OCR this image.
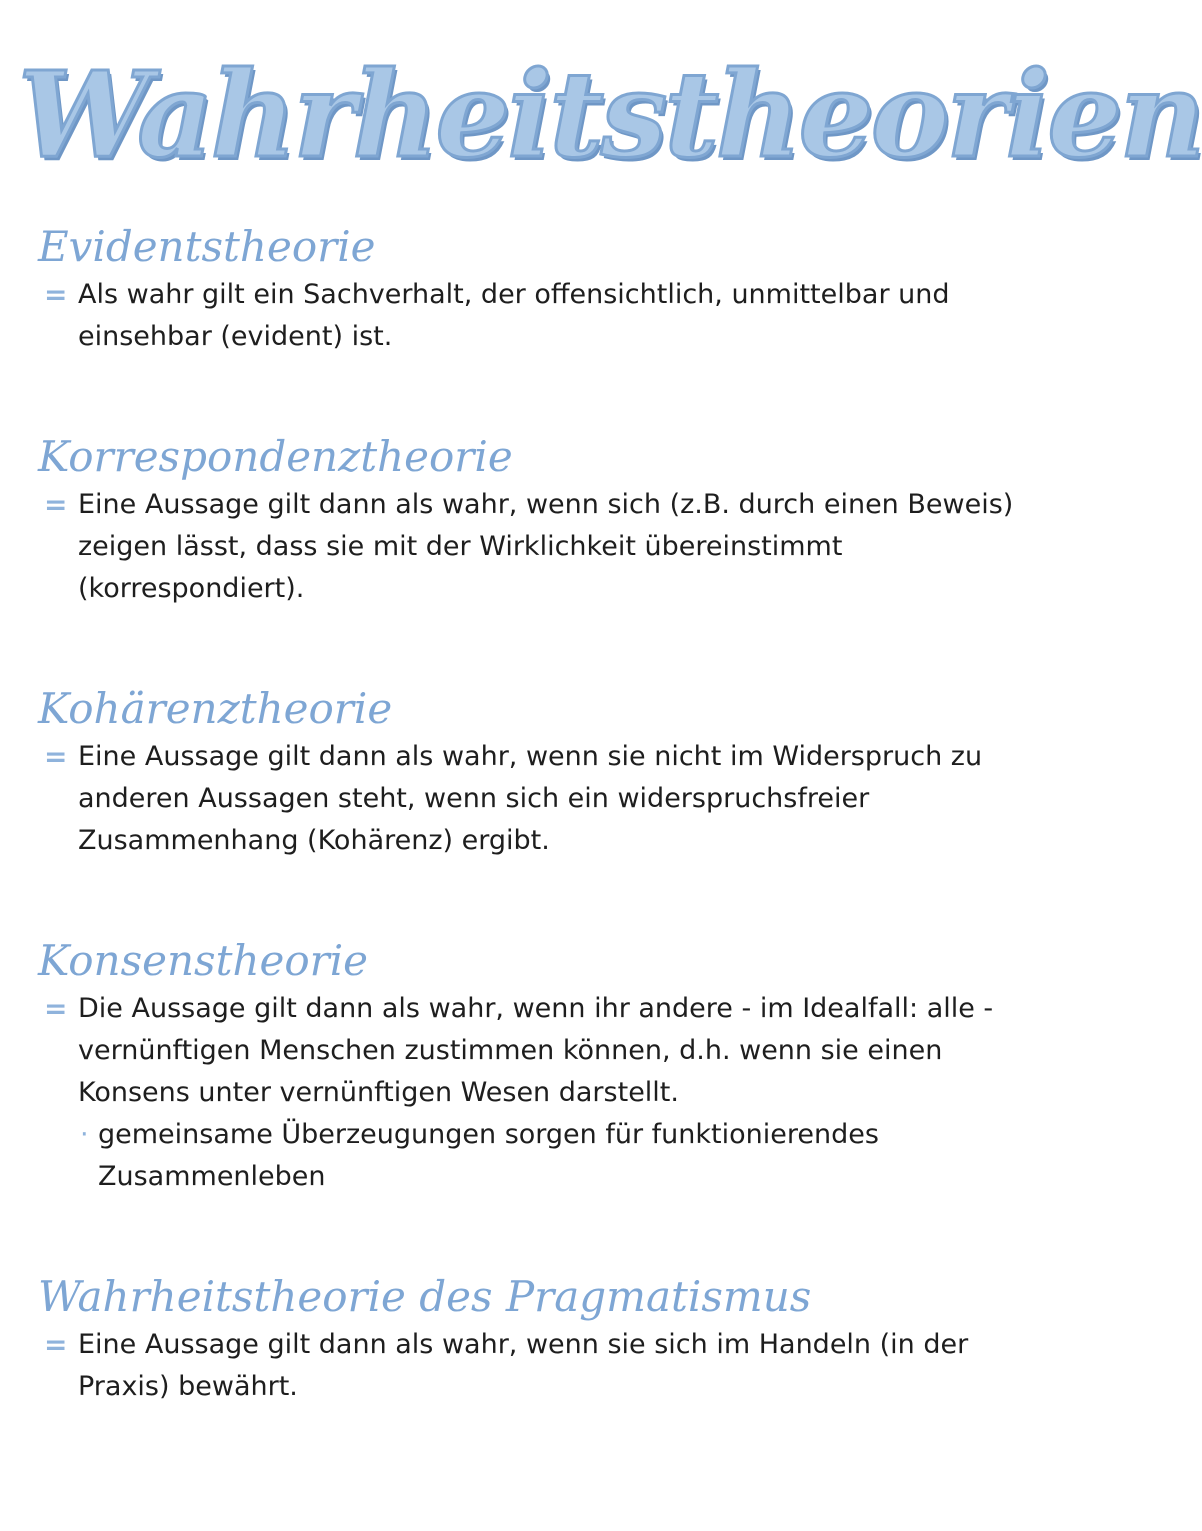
Wahrheitstheorien
Evidentstheorie
= Als wahr gilt ein Sachverhalt, der offensichtlich, unmittelbar und einsehbar (evident) ist.
Korrespondenztheorie
= Eine Aussage gilt dann als wahr, wenn sich (z.B. durch einen Beweis) zeigen lässt, dass sie mit der Wirklichkeit übereinstimmt (korrespondiert).
Kohärenztheorie
= Eine Aussage gilt dann als wahr, wenn sie nicht im Widerspruch zu anderen Aussagen steht, wenn sich ein widerspruchsfreier Zusammenhang (Kohärenz) ergibt.
Konsenstheorie
= Die Aussage gilt dann als wahr, wenn ihr andere - im Idealfall: alle - vernünftigen Menschen zustimmen können, d.h. wenn sie einen Konsens unter vernünftigen Wesen darstellt.
· gemeinsame Überzeugungen sorgen für funktionierendes Zusammenleben
Wahrheitstheorie des Pragmatismus
= Eine Aussage gilt dann als wahr, wenn sie sich im Handeln (in der Praxis) bewährt.
